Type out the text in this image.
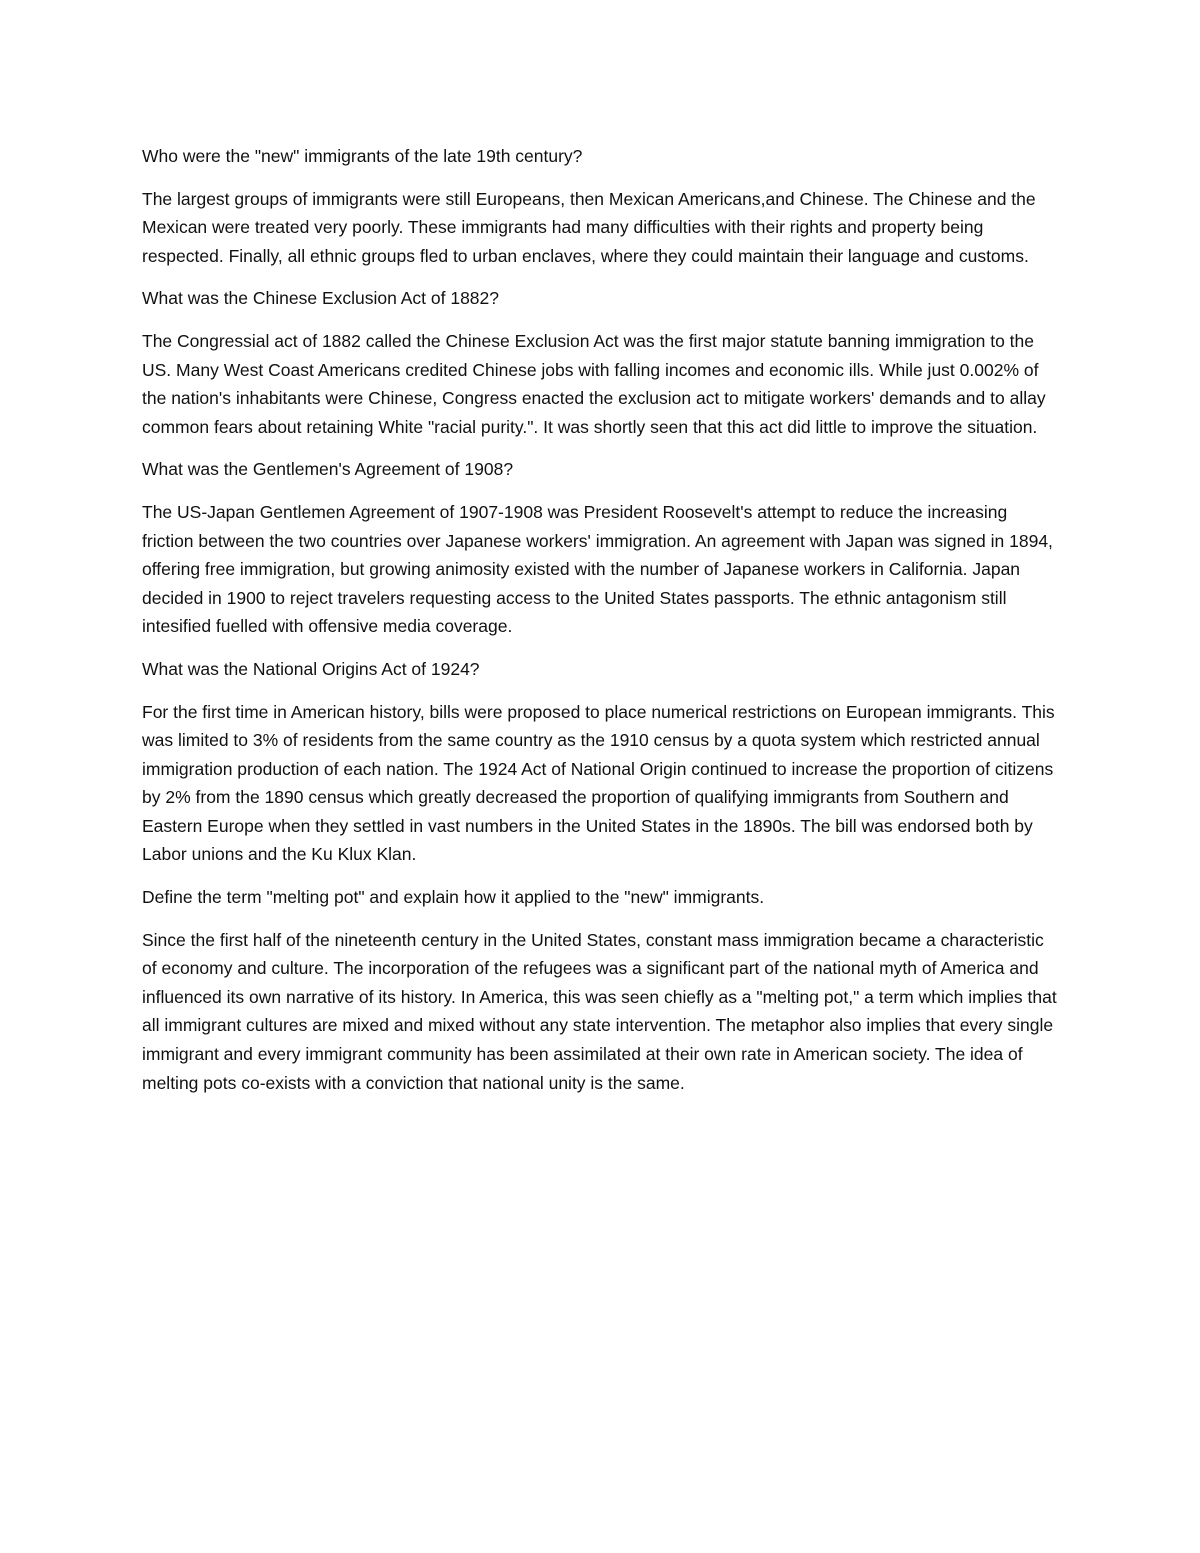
Who were the "new" immigrants of the late 19th century?

The largest groups of immigrants were still Europeans, then Mexican Americans,and Chinese. The Chinese and the Mexican were treated very poorly. These immigrants had many difficulties with their rights and property being respected. Finally, all ethnic groups fled to urban enclaves, where they could maintain their language and customs.

What was the Chinese Exclusion Act of 1882?

The Congressial act of 1882 called the Chinese Exclusion Act was the first major statute banning immigration to the US. Many West Coast Americans credited Chinese jobs with falling incomes and economic ills. While just 0.002% of the nation's inhabitants were Chinese, Congress enacted the exclusion act to mitigate workers' demands and to allay common fears about retaining White "racial purity.". It was shortly seen that this act did little to improve the situation.

What was the Gentlemen's Agreement of 1908?

The US-Japan Gentlemen Agreement of 1907-1908 was President Roosevelt's attempt to reduce the increasing friction between the two countries over Japanese workers' immigration. An agreement with Japan was signed in 1894, offering free immigration, but growing animosity existed with the number of Japanese workers in California. Japan decided in 1900 to reject travelers requesting access to the United States passports. The ethnic antagonism still intesified fuelled with offensive media coverage.

What was the National Origins Act of 1924?

For the first time in American history, bills were proposed to place numerical restrictions on European immigrants. This was limited to 3% of residents from the same country as the 1910 census by a quota system which restricted annual immigration production of each nation. The 1924 Act of National Origin continued to increase the proportion of citizens by 2% from the 1890 census which greatly decreased the proportion of qualifying immigrants from Southern and Eastern Europe when they settled in vast numbers in the United States in the 1890s. The bill was endorsed both by Labor unions and the Ku Klux Klan.

Define the term "melting pot" and explain how it applied to the "new" immigrants.

Since the first half of the nineteenth century in the United States, constant mass immigration became a characteristic of economy and culture. The incorporation of the refugees was a significant part of the national myth of America and influenced its own narrative of its history. In America, this was seen chiefly as a "melting pot," a term which implies that all immigrant cultures are mixed and mixed without any state intervention. The metaphor also implies that every single immigrant and every immigrant community has been assimilated at their own rate in American society. The idea of melting pots co-exists with a conviction that national unity is the same.
